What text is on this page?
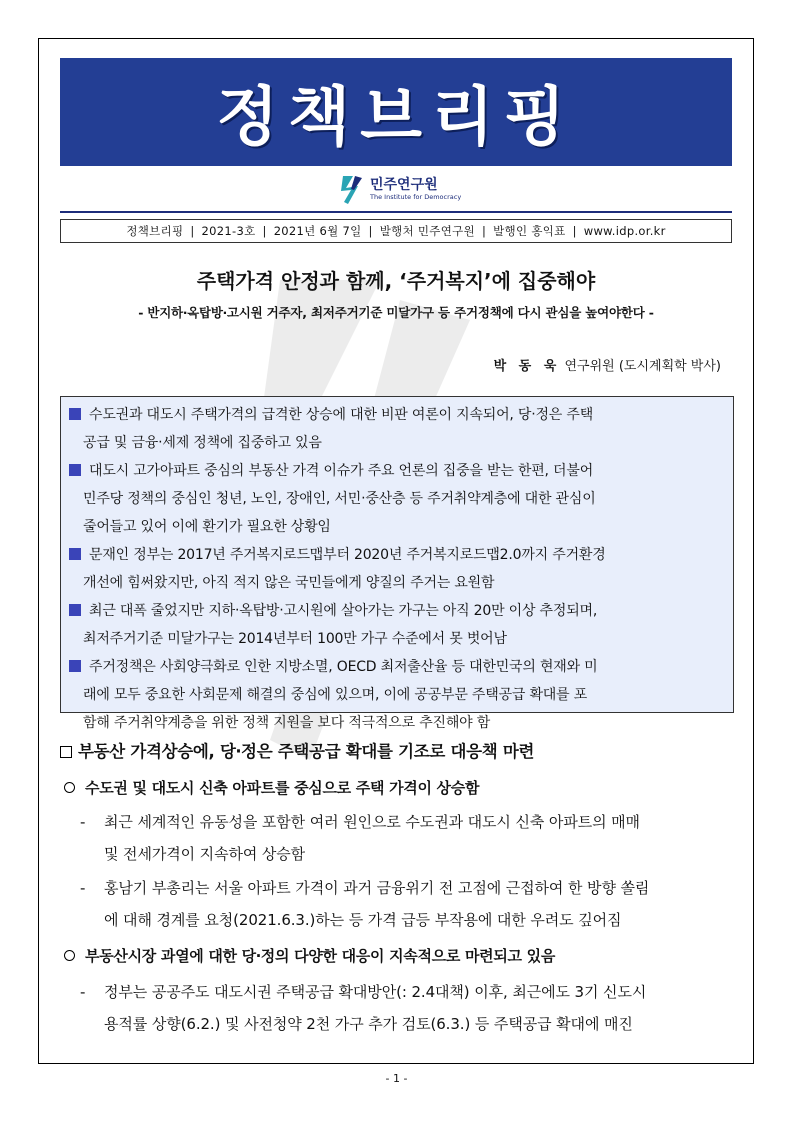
정책브리핑
민주연구원
The Institute for Democracy
정책브리핑 | 2021-3호 | 2021년 6월 7일 | 발행처 민주연구원 | 발행인 홍익표 | www.idp.or.kr
주택가격 안정과 함께, ‘주거복지’에 집중해야
- 반지하‧옥탑방‧고시원 거주자, 최저주거기준 미달가구 등 주거정책에 다시 관심을 높여야한다 -
박 동 욱 연구위원 (도시계획학 박사)
수도권과 대도시 주택가격의 급격한 상승에 대한 비판 여론이 지속되어, 당‧정은 주택
공급 및 금융‧세제 정책에 집중하고 있음
대도시 고가아파트 중심의 부동산 가격 이슈가 주요 언론의 집중을 받는 한편, 더불어
민주당 정책의 중심인 청년, 노인, 장애인, 서민‧중산층 등 주거취약계층에 대한 관심이
줄어들고 있어 이에 환기가 필요한 상황임
문재인 정부는 2017년 주거복지로드맵부터 2020년 주거복지로드맵2.0까지 주거환경
개선에 힘써왔지만, 아직 적지 않은 국민들에게 양질의 주거는 요원함
최근 대폭 줄었지만 지하‧옥탑방‧고시원에 살아가는 가구는 아직 20만 이상 추정되며,
최저주거기준 미달가구는 2014년부터 100만 가구 수준에서 못 벗어남
주거정책은 사회양극화로 인한 지방소멸, OECD 최저출산율 등 대한민국의 현재와 미
래에 모두 중요한 사회문제 해결의 중심에 있으며, 이에 공공부문 주택공급 확대를 포
함해 주거취약계층을 위한 정책 지원을 보다 적극적으로 추진해야 함
부동산 가격상승에, 당‧정은 주택공급 확대를 기조로 대응책 마련
수도권 및 대도시 신축 아파트를 중심으로 주택 가격이 상승함
- 최근 세계적인 유동성을 포함한 여러 원인으로 수도권과 대도시 신축 아파트의 매매
및 전세가격이 지속하여 상승함
- 홍남기 부총리는 서울 아파트 가격이 과거 금융위기 전 고점에 근접하여 한 방향 쏠림
에 대해 경계를 요청(2021.6.3.)하는 등 가격 급등 부작용에 대한 우려도 깊어짐
부동산시장 과열에 대한 당‧정의 다양한 대응이 지속적으로 마련되고 있음
- 정부는 공공주도 대도시권 주택공급 확대방안(: 2.4대책) 이후, 최근에도 3기 신도시
용적률 상향(6.2.) 및 사전청약 2천 가구 추가 검토(6.3.) 등 주택공급 확대에 매진
- 1 -
